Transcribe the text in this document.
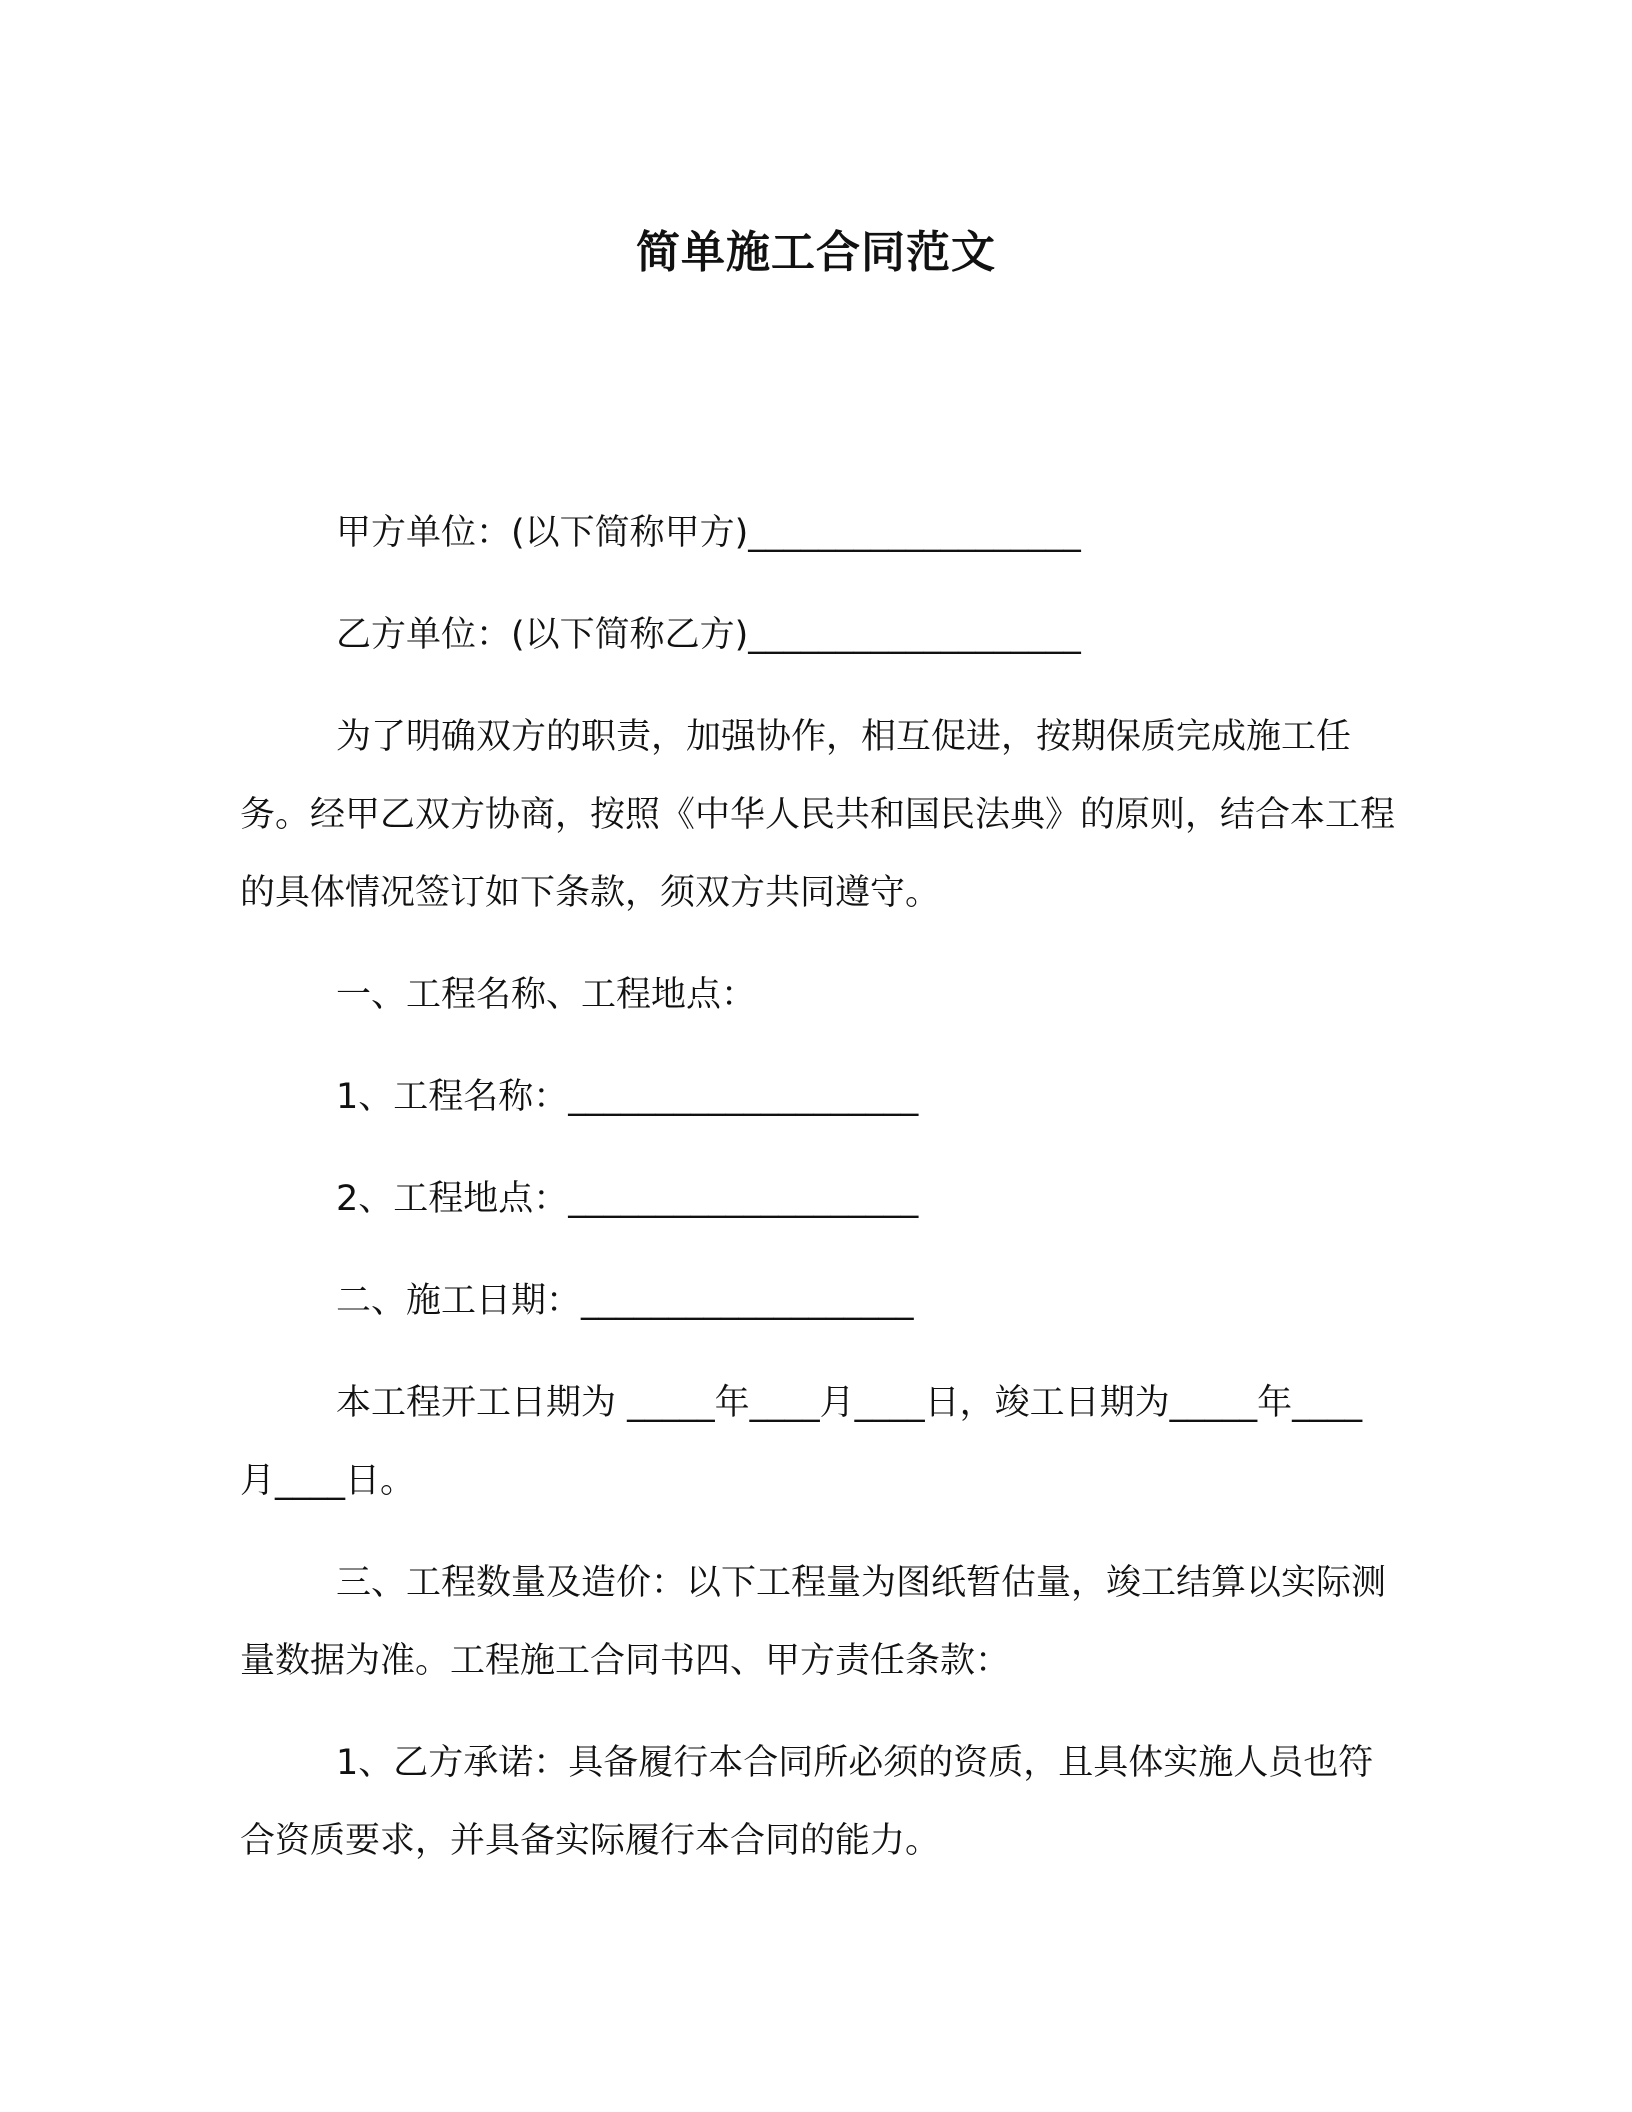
简单施工合同范文

甲方单位：(以下简称甲方)___________________

乙方单位：(以下简称乙方)___________________

为了明确双方的职责，加强协作，相互促进，按期保质完成施工任务。经甲乙双方协商，按照《中华人民共和国民法典》的原则，结合本工程的具体情况签订如下条款，须双方共同遵守。

一、工程名称、工程地点：

1、工程名称：____________________

2、工程地点：____________________

二、施工日期：___________________

本工程开工日期为 _____年____月____日，竣工日期为_____年____月____日。

三、工程数量及造价：以下工程量为图纸暂估量，竣工结算以实际测量数据为准。工程施工合同书四、甲方责任条款：

1、乙方承诺：具备履行本合同所必须的资质，且具体实施人员也符合资质要求，并具备实际履行本合同的能力。
